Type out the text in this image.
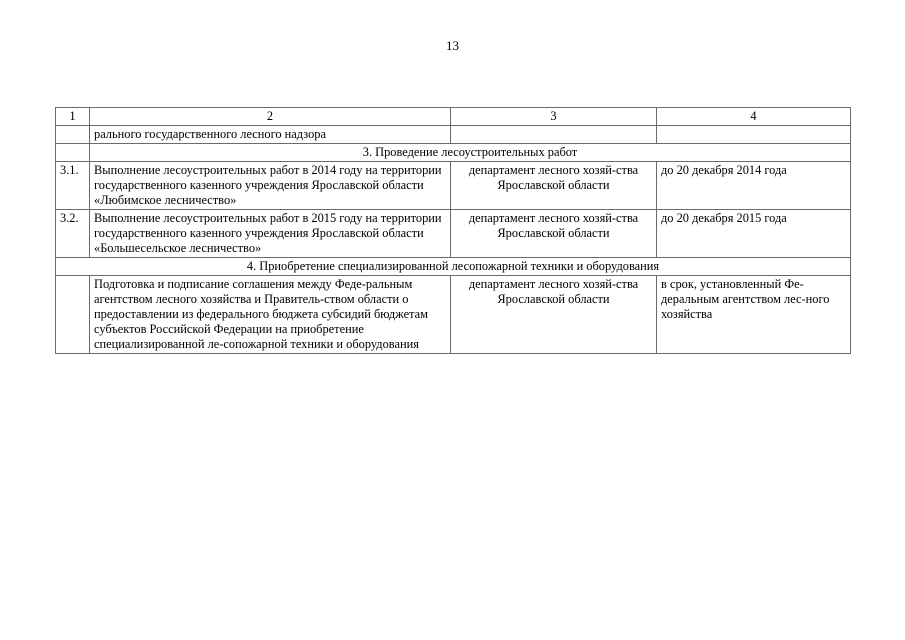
13
1	2	3	4
	рального государственного лесного надзора		
	3. Проведение лесоустроительных работ		
3.1.	Выполнение лесоустроительных работ в 2014 году на территории государственного казенного учреждения Ярославской области «Любимское лесничество»	департамент лесного хозяй-ства Ярославской области	до 20 декабря 2014 года
3.2.	Выполнение лесоустроительных работ в 2015 году на территории государственного казенного учреждения Ярославской области «Большесельское лесничество»	департамент лесного хозяй-ства Ярославской области	до 20 декабря 2015 года
4. Приобретение специализированной лесопожарной техники и оборудования			
	Подготовка и подписание соглашения между Феде-ральным агентством лесного хозяйства и Правитель-ством области о предоставлении из федерального бюджета субсидий бюджетам субъектов Российской Федерации на приобретение специализированной ле-сопожарной техники и оборудования	департамент лесного хозяй-ства Ярославской области	в срок, установленный Фе-деральным агентством лес-ного хозяйства
